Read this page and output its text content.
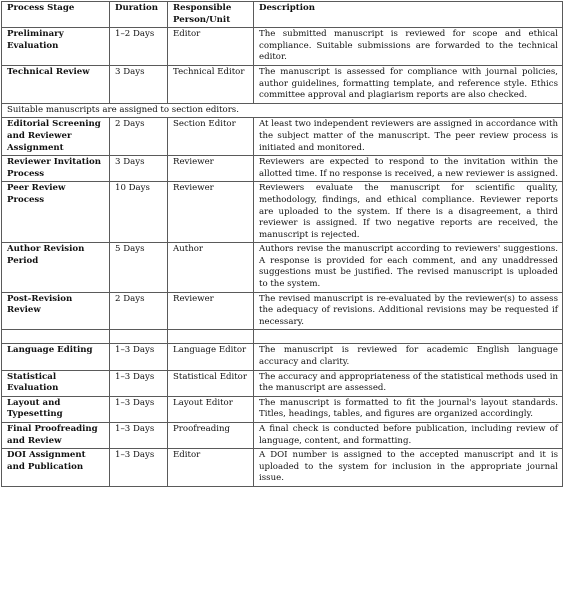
Process Stage	Duration	Responsible Person/Unit	Description
Preliminary Evaluation	1–2 Days	Editor	The submitted manuscript is reviewed for scope and ethical compliance. Suitable submissions are forwarded to the technical editor.
Technical Review	3 Days	Technical Editor	The manuscript is assessed for compliance with journal policies, author guidelines, formatting template, and reference style. Ethics committee approval and plagiarism reports are also checked.
Suitable manuscripts are assigned to section editors.			
Editorial Screening and Reviewer Assignment	2 Days	Section Editor	At least two independent reviewers are assigned in accordance with the subject matter of the manuscript. The peer review process is initiated and monitored.
Reviewer Invitation Process	3 Days	Reviewer	Reviewers are expected to respond to the invitation within the allotted time. If no response is received, a new reviewer is assigned.
Peer Review Process	10 Days	Reviewer	Reviewers evaluate the manuscript for scientific quality, methodology, findings, and ethical compliance. Reviewer reports are uploaded to the system. If there is a disagreement, a third reviewer is assigned. If two negative reports are received, the manuscript is rejected.
Author Revision Period	5 Days	Author	Authors revise the manuscript according to reviewers' suggestions. A response is provided for each comment, and any unaddressed suggestions must be justified. The revised manuscript is uploaded to the system.
Post-Revision Review	2 Days	Reviewer	The revised manuscript is re-evaluated by the reviewer(s) to assess the adequacy of revisions. Additional revisions may be requested if necessary.

Language Editing	1–3 Days	Language Editor	The manuscript is reviewed for academic English language accuracy and clarity.
Statistical Evaluation	1–3 Days	Statistical Editor	The accuracy and appropriateness of the statistical methods used in the manuscript are assessed.
Layout and Typesetting	1–3 Days	Layout Editor	The manuscript is formatted to fit the journal's layout standards. Titles, headings, tables, and figures are organized accordingly.
Final Proofreading and Review	1–3 Days	Proofreading	A final check is conducted before publication, including review of language, content, and formatting.
DOI Assignment and Publication	1–3 Days	Editor	A DOI number is assigned to the accepted manuscript and it is uploaded to the system for inclusion in the appropriate journal issue.
